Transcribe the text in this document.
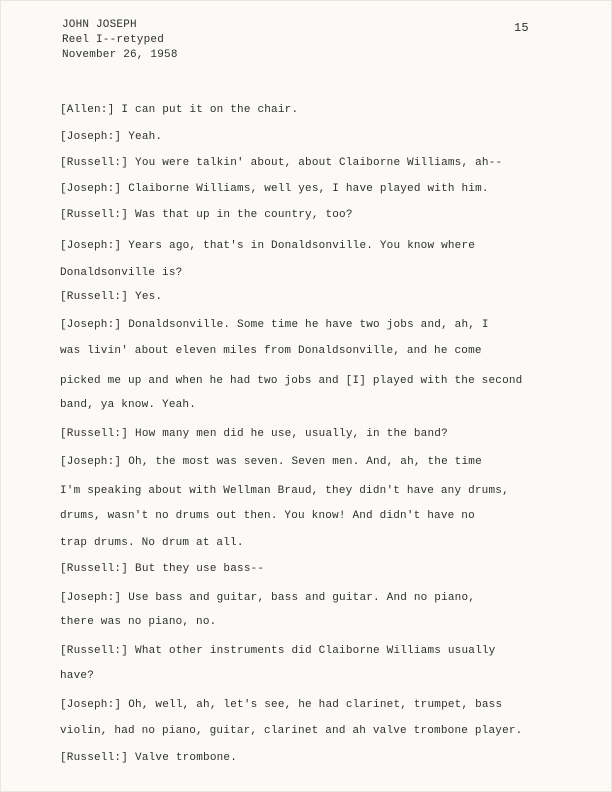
JOHN JOSEPH
Reel I--retyped
November 26, 1958
15
[Allen:] I can put it on the chair.
[Joseph:] Yeah.
[Russell:] You were talkin' about, about Claiborne Williams, ah--
[Joseph:] Claiborne Williams, well yes, I have played with him.
[Russell:] Was that up in the country, too?
[Joseph:] Years ago, that's in Donaldsonville. You know where
Donaldsonville is?
[Russell:] Yes.
[Joseph:] Donaldsonville. Some time he have two jobs and, ah, I
was livin' about eleven miles from Donaldsonville, and he come
picked me up and when he had two jobs and [I] played with the second
band, ya know. Yeah.
[Russell:] How many men did he use, usually, in the band?
[Joseph:] Oh, the most was seven. Seven men. And, ah, the time
I'm speaking about with Wellman Braud, they didn't have any drums,
drums, wasn't no drums out then. You know! And didn't have no
trap drums. No drum at all.
[Russell:] But they use bass--
[Joseph:] Use bass and guitar, bass and guitar. And no piano,
there was no piano, no.
[Russell:] What other instruments did Claiborne Williams usually
have?
[Joseph:] Oh, well, ah, let's see, he had clarinet, trumpet, bass
violin, had no piano, guitar, clarinet and ah valve trombone player.
[Russell:] Valve trombone.
